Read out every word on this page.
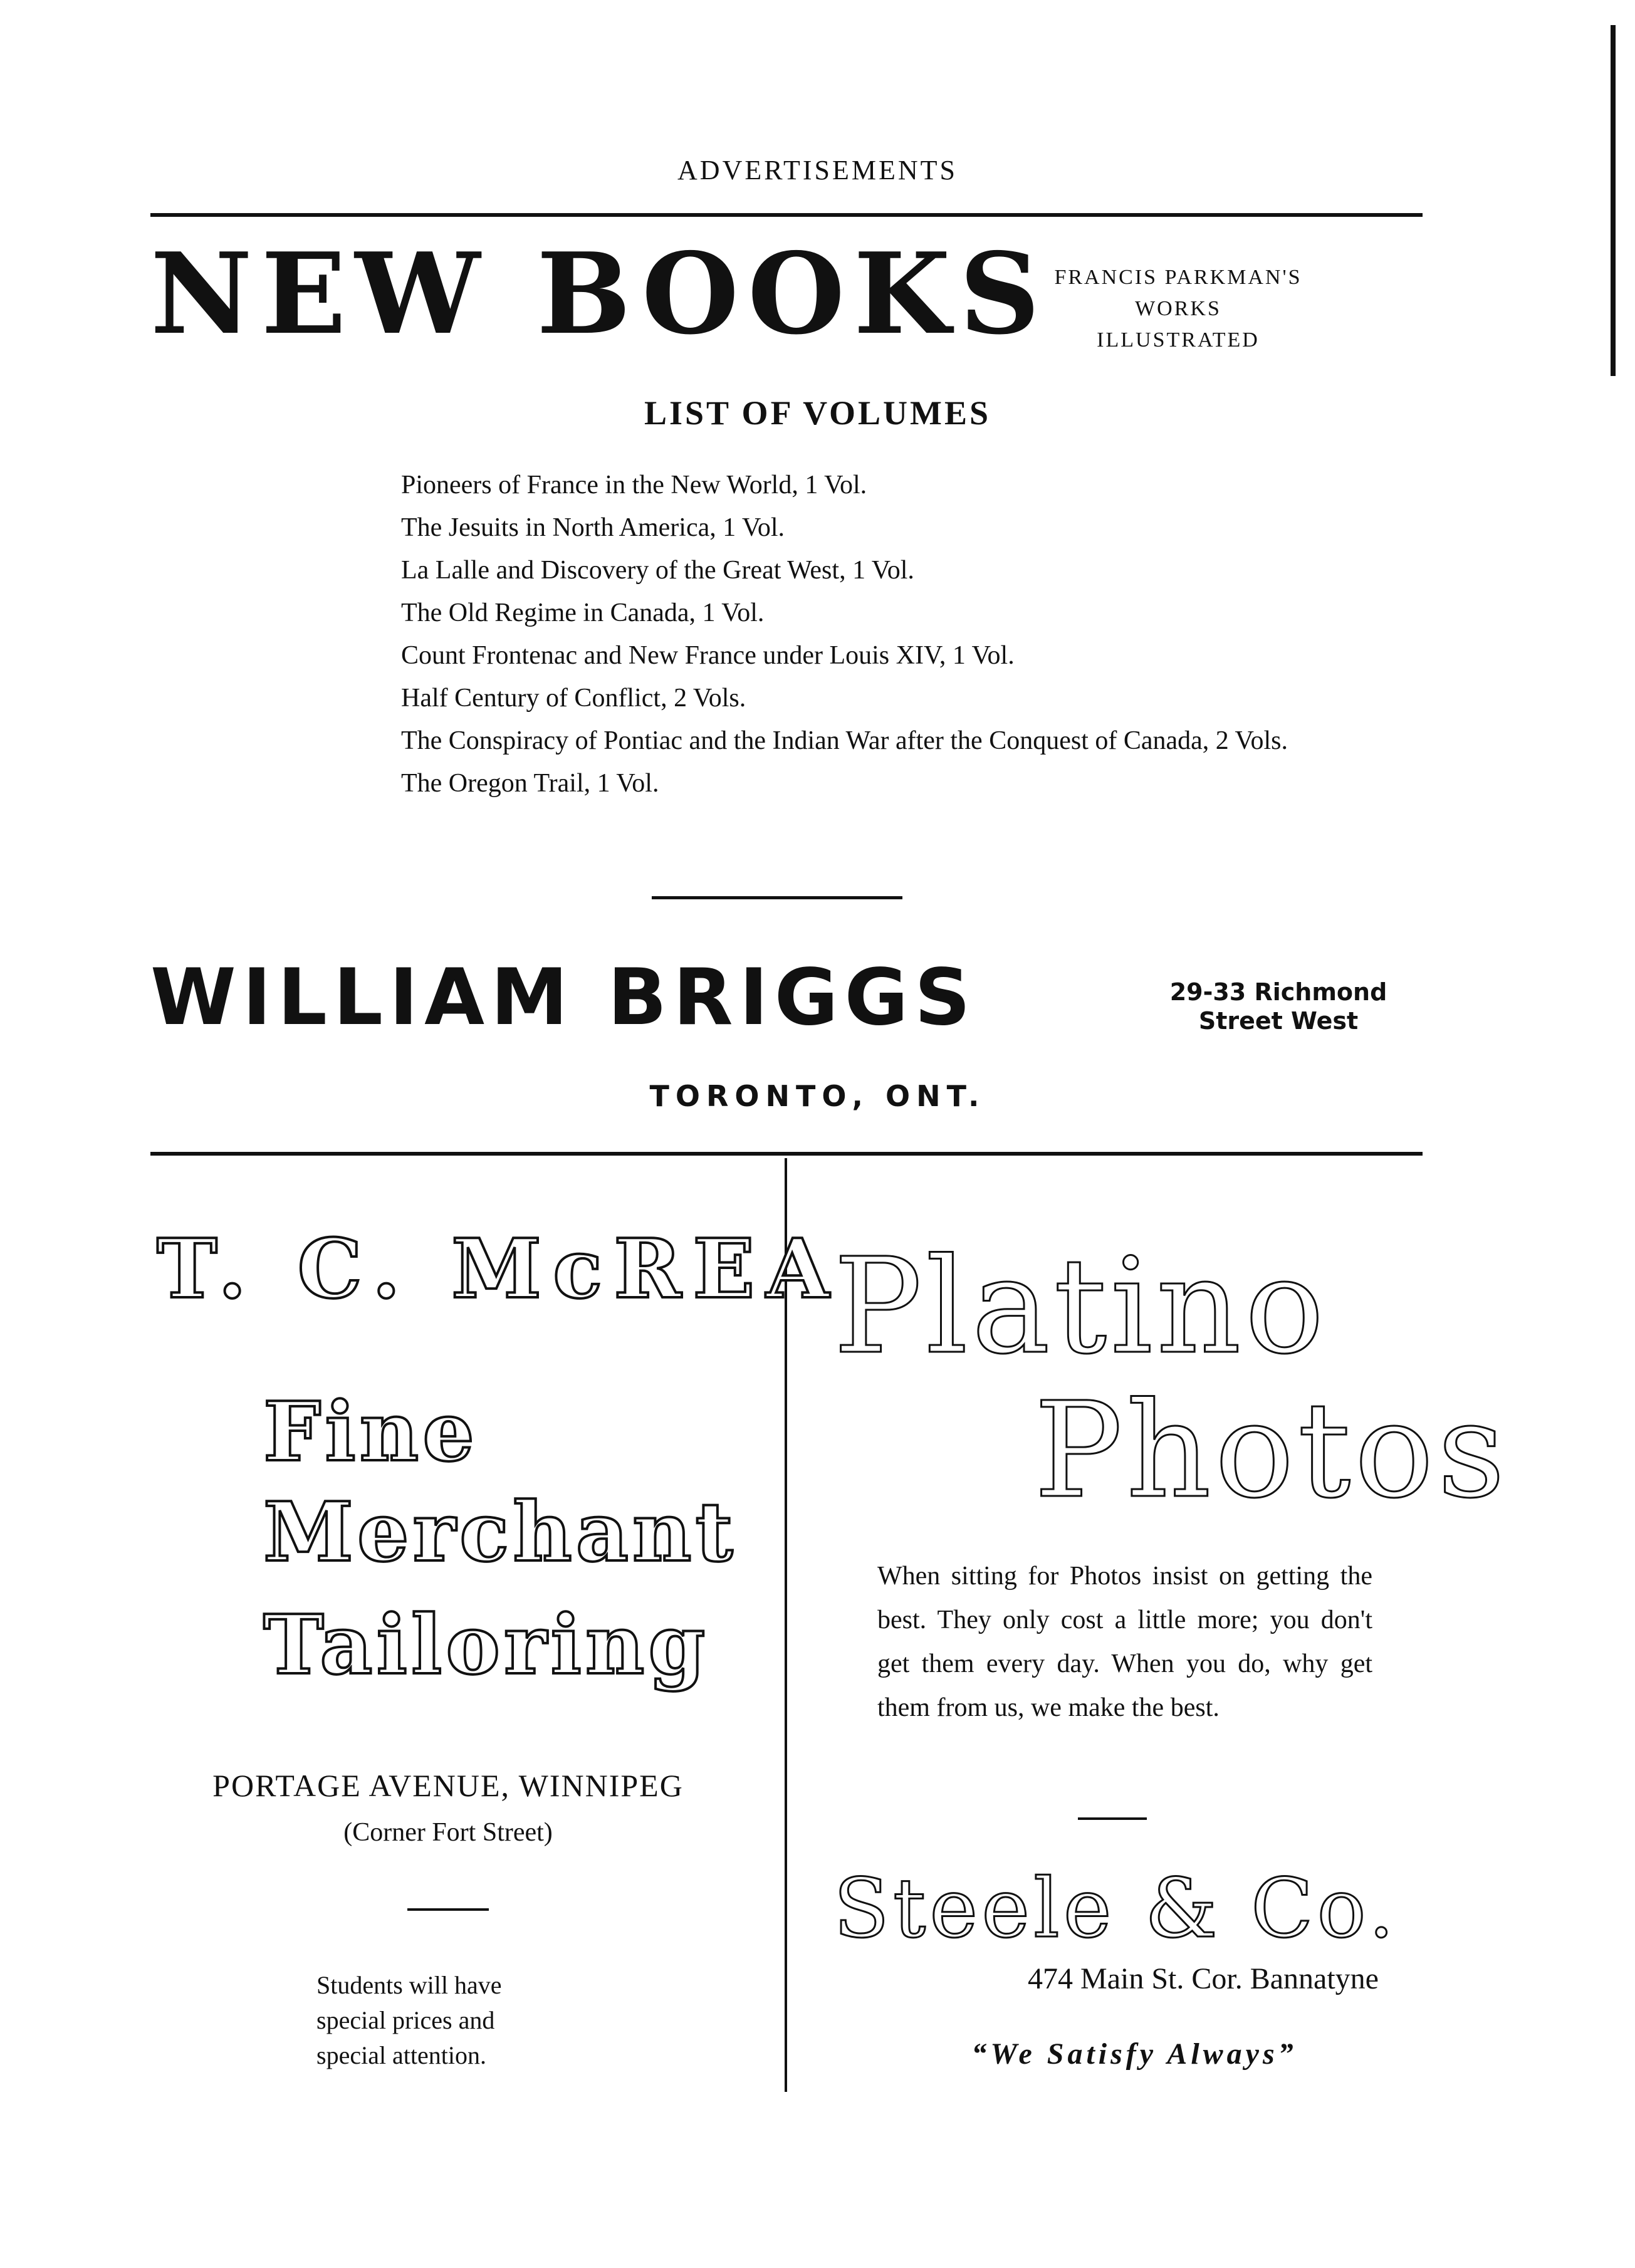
ADVERTISEMENTS
NEW BOOKS FRANCIS PARKMAN'S
WORKS
ILLUSTRATED
LIST OF VOLUMES
Pioneers of France in the New World, 1 Vol.
The Jesuits in North America, 1 Vol.
La Lalle and Discovery of the Great West, 1 Vol.
The Old Regime in Canada, 1 Vol.
Count Frontenac and New France under Louis XIV, 1 Vol.
Half Century of Conflict, 2 Vols.
The Conspiracy of Pontiac and the Indian War after the Conquest of Canada, 2 Vols.
The Oregon Trail, 1 Vol.
WILLIAM BRIGGS	29-33 Richmond
Street West
TORONTO, ONT.
T. C. McREA
Fine
Merchant
Tailoring
PORTAGE AVENUE, WINNIPEG
(Corner Fort Street)
Students will have
special prices and
special attention.
Platino
Photos
When sitting for Photos insist on getting the best. They only cost a little more; you don't get them every day. When you do, why get them from us, we make the best.
Steele & Co.
474 Main St. Cor. Bannatyne
“We Satisfy Always”
